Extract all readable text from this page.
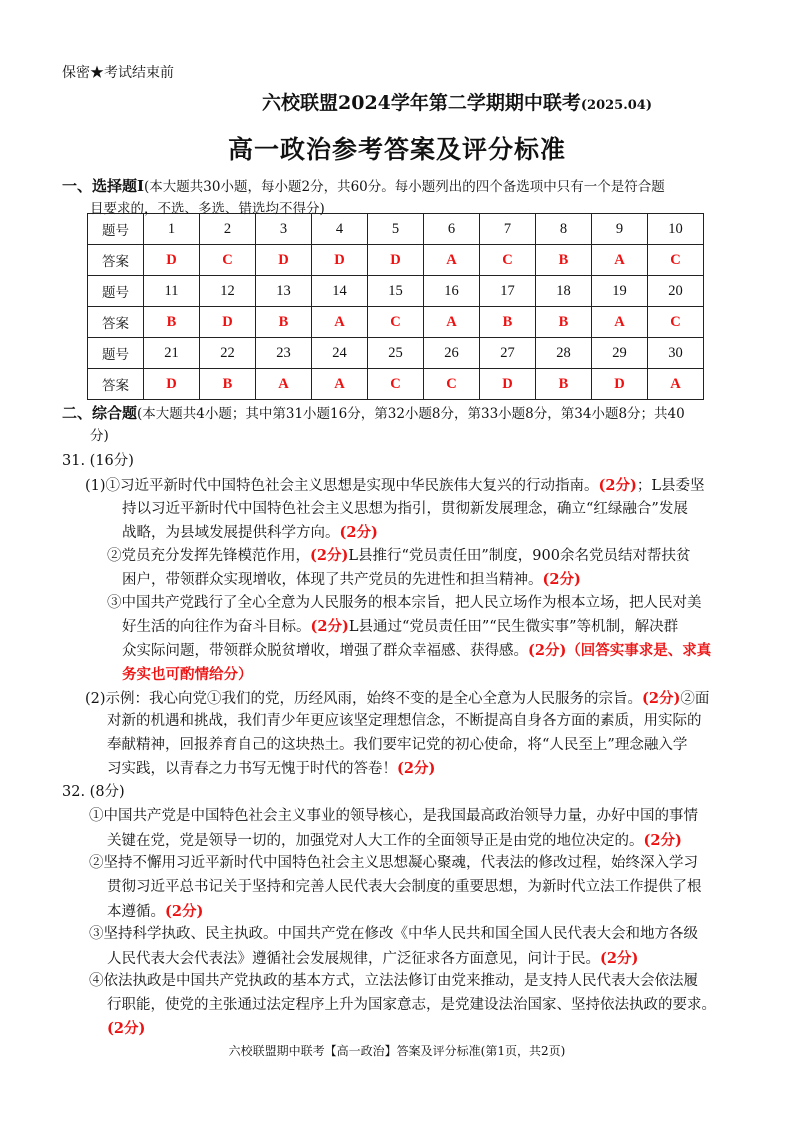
保密★考试结束前
六校联盟2024学年第二学期期中联考(2025.04)
高一政治参考答案及评分标准
一、选择题Ⅰ(本大题共30小题，每小题2分，共60分。每小题列出的四个备选项中只有一个是符合题
目要求的，不选、多选、错选均不得分)
题号	1	2	3	4	5	6	7	8	9	10
答案	D	C	D	D	D	A	C	B	A	C
题号	11	12	13	14	15	16	17	18	19	20
答案	B	D	B	A	C	A	B	B	A	C
题号	21	22	23	24	25	26	27	28	29	30
答案	D	B	A	A	C	C	D	B	D	A
二、综合题(本大题共4小题；其中第31小题16分，第32小题8分，第33小题8分，第34小题8分；共40
分)
31. (16分)
(1)①习近平新时代中国特色社会主义思想是实现中华民族伟大复兴的行动指南。(2分)；L县委坚
持以习近平新时代中国特色社会主义思想为指引，贯彻新发展理念，确立“红绿融合”发展
战略，为县域发展提供科学方向。(2分)
②党员充分发挥先锋模范作用，(2分)L县推行“党员责任田”制度，900余名党员结对帮扶贫
困户，带领群众实现增收，体现了共产党员的先进性和担当精神。(2分)
③中国共产党践行了全心全意为人民服务的根本宗旨，把人民立场作为根本立场，把人民对美
好生活的向往作为奋斗目标。(2分)L县通过“党员责任田”“民生微实事”等机制，解决群
众实际问题，带领群众脱贫增收，增强了群众幸福感、获得感。(2分)（回答实事求是、求真
务实也可酌情给分）
(2)示例：我心向党①我们的党，历经风雨，始终不变的是全心全意为人民服务的宗旨。(2分)②面
对新的机遇和挑战，我们青少年更应该坚定理想信念，不断提高自身各方面的素质，用实际的
奉献精神，回报养育自己的这块热土。我们要牢记党的初心使命，将“人民至上”理念融入学
习实践，以青春之力书写无愧于时代的答卷！(2分)
32. (8分)
①中国共产党是中国特色社会主义事业的领导核心，是我国最高政治领导力量，办好中国的事情
关键在党，党是领导一切的，加强党对人大工作的全面领导正是由党的地位决定的。(2分)
②坚持不懈用习近平新时代中国特色社会主义思想凝心聚魂，代表法的修改过程，始终深入学习
贯彻习近平总书记关于坚持和完善人民代表大会制度的重要思想，为新时代立法工作提供了根
本遵循。(2分)
③坚持科学执政、民主执政。中国共产党在修改《中华人民共和国全国人民代表大会和地方各级
人民代表大会代表法》遵循社会发展规律，广泛征求各方面意见，问计于民。(2分)
④依法执政是中国共产党执政的基本方式，立法法修订由党来推动，是支持人民代表大会依法履
行职能，使党的主张通过法定程序上升为国家意志，是党建设法治国家、坚持依法执政的要求。
(2分)
六校联盟期中联考【高一政治】答案及评分标准(第1页，共2页)
